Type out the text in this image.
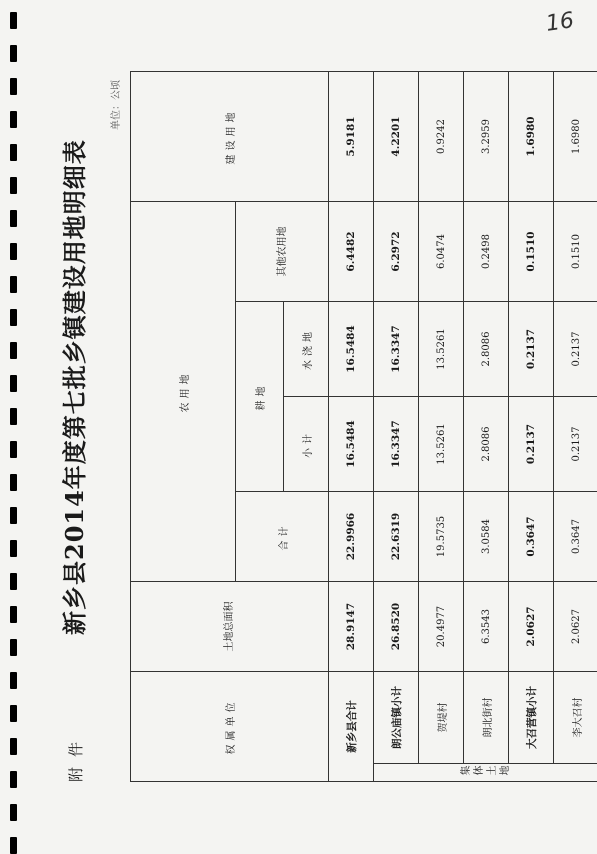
16
附件
新乡县2014年度第七批乡镇建设用地明细表
单位：公顷
权属单位		土地总面积	农用地				建设用地
			合计	耕地		其他农用地	
				小计	水浇地		
新乡县合计		28.9147	22.9966	16.5484	16.5484	6.4482	5.9181
集体土地	朗公庙镇小计	26.8520	22.6319	16.3347	16.3347	6.2972	4.2201
	贺堤村	20.4977	19.5735	13.5261	13.5261	6.0474	0.9242
	朗北街村	6.3543	3.0584	2.8086	2.8086	0.2498	3.2959
	大召营镇小计	2.0627	0.3647	0.2137	0.2137	0.1510	1.6980
	李大召村	2.0627	0.3647	0.2137	0.2137	0.1510	1.6980
